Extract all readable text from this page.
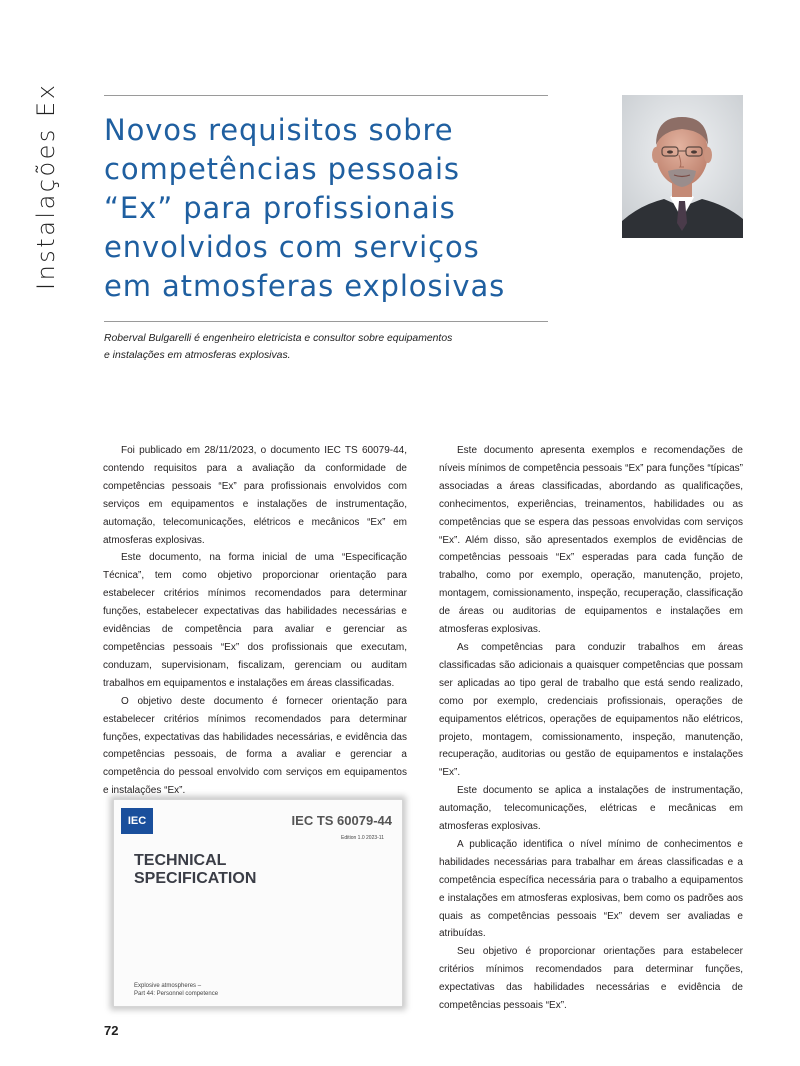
Instalações Ex Novos requisitos sobre
competências pessoais
“Ex” para profissionais
envolvidos com serviços
em atmosferas explosivas
Roberval Bulgarelli é engenheiro eletricista e consultor sobre equipamentos
e instalações em atmosferas explosivas.

Foi publicado em 28/11/2023, o documento IEC TS 60079-44, contendo requisitos para a avaliação da conformidade de competências pessoais “Ex” para profissionais envolvidos com serviços em equipamentos e instalações de instrumentação, automação, telecomunicações, elétricos e mecânicos “Ex” em atmosferas explosivas.

Este documento, na forma inicial de uma “Especificação Técnica”, tem como objetivo proporcionar orientação para estabelecer critérios mínimos recomendados para determinar funções, estabelecer expectativas das habilidades necessárias e evidências de competência para avaliar e gerenciar as competências pessoais “Ex” dos profissionais que executam, conduzam, supervisionam, fiscalizam, gerenciam ou auditam trabalhos em equipamentos e instalações em áreas classificadas.

O objetivo deste documento é fornecer orientação para estabelecer critérios mínimos recomendados para determinar funções, expectativas das habilidades necessárias, e evidência das competências pessoais, de forma a avaliar e gerenciar a competência do pessoal envolvido com serviços em equipamentos e instalações “Ex”.

IEC	IEC TS 60079-44
Edition 1.0 2023-11
TECHNICAL
SPECIFICATION
Explosive atmospheres –
Part 44: Personnel competence

Este documento apresenta exemplos e recomendações de níveis mínimos de competência pessoais “Ex” para funções “típicas” associadas a áreas classificadas, abordando as qualificações, conhecimentos, experiências, treinamentos, habilidades ou as competências que se espera das pessoas envolvidas com serviços “Ex”. Além disso, são apresentados exemplos de evidências de competências pessoais “Ex” esperadas para cada função de trabalho, como por exemplo, operação, manutenção, projeto, montagem, comissionamento, inspeção, recuperação, classificação de áreas ou auditorias de equipamentos e instalações em atmosferas explosivas.

As competências para conduzir trabalhos em áreas classificadas são adicionais a quaisquer competências que possam ser aplicadas ao tipo geral de trabalho que está sendo realizado, como por exemplo, credenciais profissionais, operações de equipamentos elétricos, operações de equipamentos não elétricos, projeto, montagem, comissionamento, inspeção, manutenção, recuperação, auditorias ou gestão de equipamentos e instalações “Ex”.

Este documento se aplica a instalações de instrumentação, automação, telecomunicações, elétricas e mecânicas em atmosferas explosivas.

A publicação identifica o nível mínimo de conhecimentos e habilidades necessárias para trabalhar em áreas classificadas e a competência específica necessária para o trabalho a equipamentos e instalações em atmosferas explosivas, bem como os padrões aos quais as competências pessoais “Ex” devem ser avaliadas e atribuídas.

Seu objetivo é proporcionar orientações para estabelecer critérios mínimos recomendados para determinar funções, expectativas das habilidades necessárias e evidência de competências pessoais “Ex”.

72
